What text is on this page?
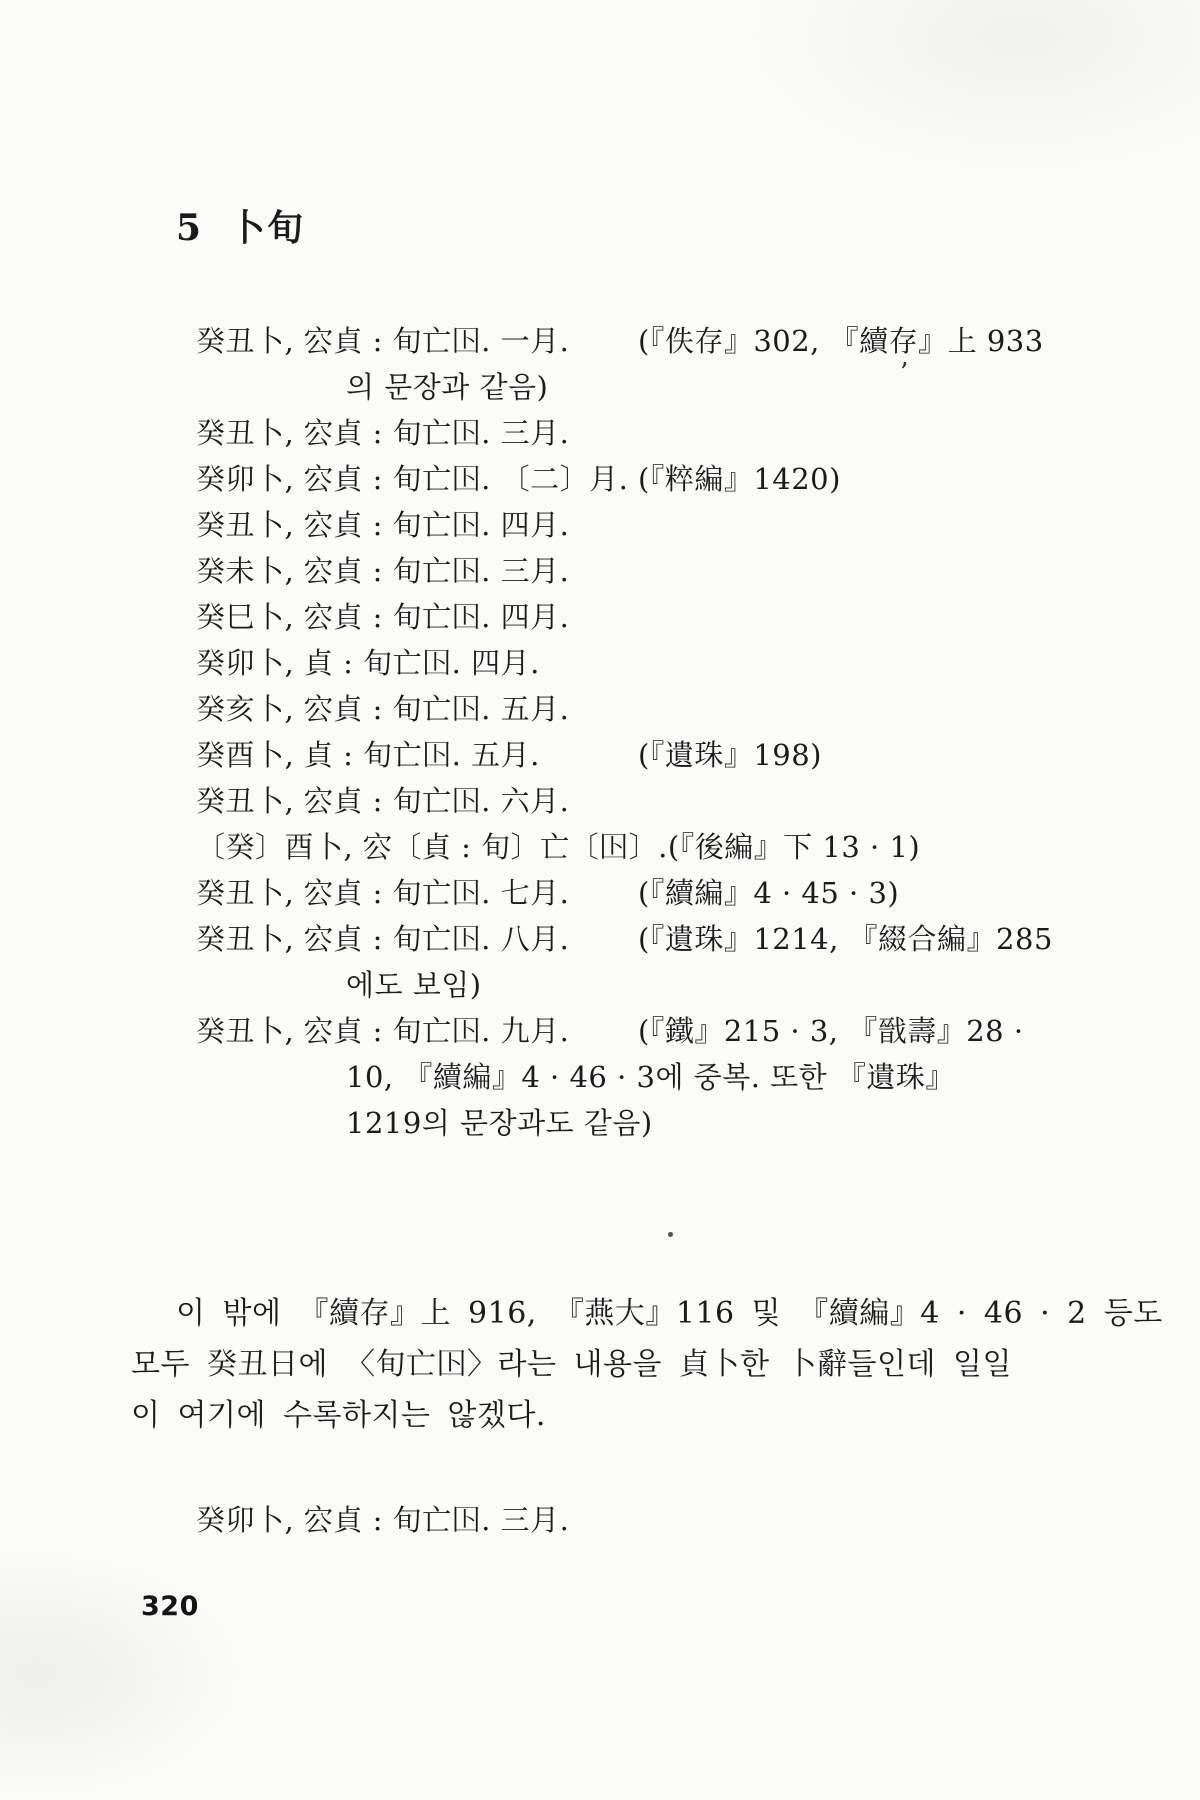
5 卜旬
癸丑卜, 㝐貞 : 旬亡𡆥. 一月.	(『佚存』302, 『續存』上 933
의 문장과 같음)
癸丑卜, 㝐貞 : 旬亡𡆥. 三月.
癸卯卜, 㝐貞 : 旬亡𡆥. 〔二〕月. (『粹編』1420)
癸丑卜, 㝐貞 : 旬亡𡆥. 四月.
癸未卜, 㝐貞 : 旬亡𡆥. 三月.
癸巳卜, 㝐貞 : 旬亡𡆥. 四月.
癸卯卜, 貞 : 旬亡𡆥. 四月.
癸亥卜, 㝐貞 : 旬亡𡆥. 五月.
癸酉卜, 貞 : 旬亡𡆥. 五月.	(『遺珠』198)
癸丑卜, 㝐貞 : 旬亡𡆥. 六月.
〔癸〕酉卜, 㝐〔貞 : 旬〕亡〔𡆥〕. (『後編』下 13 · 1)
癸丑卜, 㝐貞 : 旬亡𡆥. 七月.	(『續編』4 · 45 · 3)
癸丑卜, 㝐貞 : 旬亡𡆥. 八月.	(『遺珠』1214, 『綴合編』285
에도 보임)
癸丑卜, 㝐貞 : 旬亡𡆥. 九月.	(『鐵』215 · 3, 『戩壽』28 ·
10, 『續編』4 · 46 · 3에 중복. 또한 『遺珠』
1219의 문장과도 같음)
이 밖에 『續存』上 916, 『燕大』116 및 『續編』4 · 46 · 2 등도
모두 癸丑日에 〈旬亡𡆥〉라는 내용을 貞卜한 卜辭들인데 일일
이 여기에 수록하지는 않겠다.
癸卯卜, 㝐貞 : 旬亡𡆥. 三月.
320
’
